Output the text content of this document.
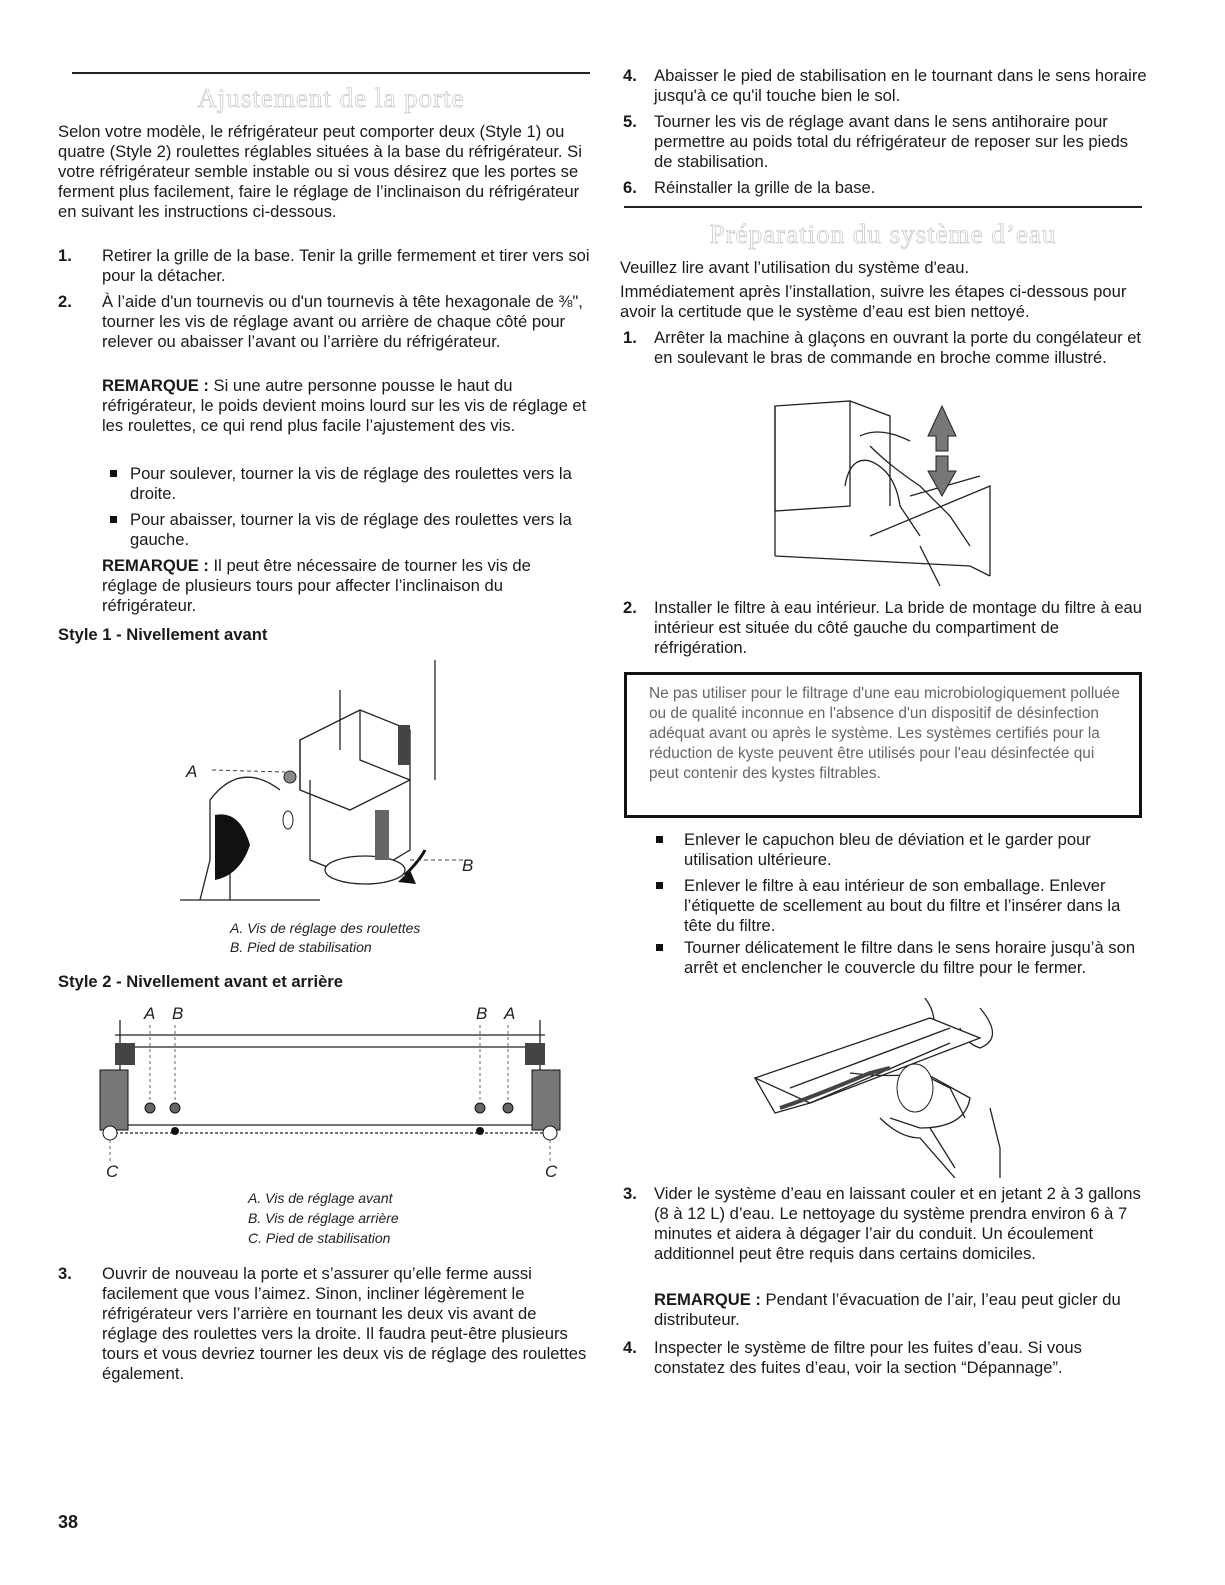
Ajustement de la porte

Selon votre modèle, le réfrigérateur peut comporter deux (Style 1) ou quatre (Style 2) roulettes réglables situées à la base du réfrigérateur. Si votre réfrigérateur semble instable ou si vous désirez que les portes se ferment plus facilement, faire le réglage de l’inclinaison du réfrigérateur en suivant les instructions ci-dessous.

1. Retirer la grille de la base. Tenir la grille fermement et tirer vers soi pour la détacher.
2. À l’aide d'un tournevis ou d'un tournevis à tête hexagonale de ⅜", tourner les vis de réglage avant ou arrière de chaque côté pour relever ou abaisser l’avant ou l’arrière du réfrigérateur.
REMARQUE : Si une autre personne pousse le haut du réfrigérateur, le poids devient moins lourd sur les vis de réglage et les roulettes, ce qui rend plus facile l’ajustement des vis.
Pour soulever, tourner la vis de réglage des roulettes vers la droite.
Pour abaisser, tourner la vis de réglage des roulettes vers la gauche.
REMARQUE : Il peut être nécessaire de tourner les vis de réglage de plusieurs tours pour affecter l’inclinaison du réfrigérateur.
Style 1 - Nivellement avant
A
B
A. Vis de réglage des roulettes
B. Pied de stabilisation
Style 2 - Nivellement avant et arrière
A B	B A
C	C
A. Vis de réglage avant
B. Vis de réglage arrière
C. Pied de stabilisation
3. Ouvrir de nouveau la porte et s’assurer qu’elle ferme aussi facilement que vous l’aimez. Sinon, incliner légèrement le réfrigérateur vers l’arrière en tournant les deux vis avant de réglage des roulettes vers la droite. Il faudra peut-être plusieurs tours et vous devriez tourner les deux vis de réglage des roulettes également.
38
4. Abaisser le pied de stabilisation en le tournant dans le sens horaire jusqu'à ce qu'il touche bien le sol.
5. Tourner les vis de réglage avant dans le sens antihoraire pour permettre au poids total du réfrigérateur de reposer sur les pieds de stabilisation.
6. Réinstaller la grille de la base.
Préparation du système d’eau
Veuillez lire avant l’utilisation du système d'eau.
Immédiatement après l’installation, suivre les étapes ci-dessous pour avoir la certitude que le système d’eau est bien nettoyé.
1. Arrêter la machine à glaçons en ouvrant la porte du congélateur et en soulevant le bras de commande en broche comme illustré.
2. Installer le filtre à eau intérieur. La bride de montage du filtre à eau intérieur est située du côté gauche du compartiment de réfrigération.
Ne pas utiliser pour le filtrage d'une eau microbiologiquement polluée ou de qualité inconnue en l'absence d'un dispositif de désinfection adéquat avant ou après le système. Les systèmes certifiés pour la réduction de kyste peuvent être utilisés pour l'eau désinfectée qui peut contenir des kystes filtrables.
Enlever le capuchon bleu de déviation et le garder pour utilisation ultérieure.
Enlever le filtre à eau intérieur de son emballage. Enlever l’étiquette de scellement au bout du filtre et l’insérer dans la tête du filtre.
Tourner délicatement le filtre dans le sens horaire jusqu’à son arrêt et enclencher le couvercle du filtre pour le fermer.
3. Vider le système d’eau en laissant couler et en jetant 2 à 3 gallons (8 à 12 L) d’eau. Le nettoyage du système prendra environ 6 à 7 minutes et aidera à dégager l’air du conduit. Un écoulement additionnel peut être requis dans certains domiciles.
REMARQUE : Pendant l’évacuation de l’air, l’eau peut gicler du distributeur.
4. Inspecter le système de filtre pour les fuites d’eau. Si vous constatez des fuites d’eau, voir la section “Dépannage”.
